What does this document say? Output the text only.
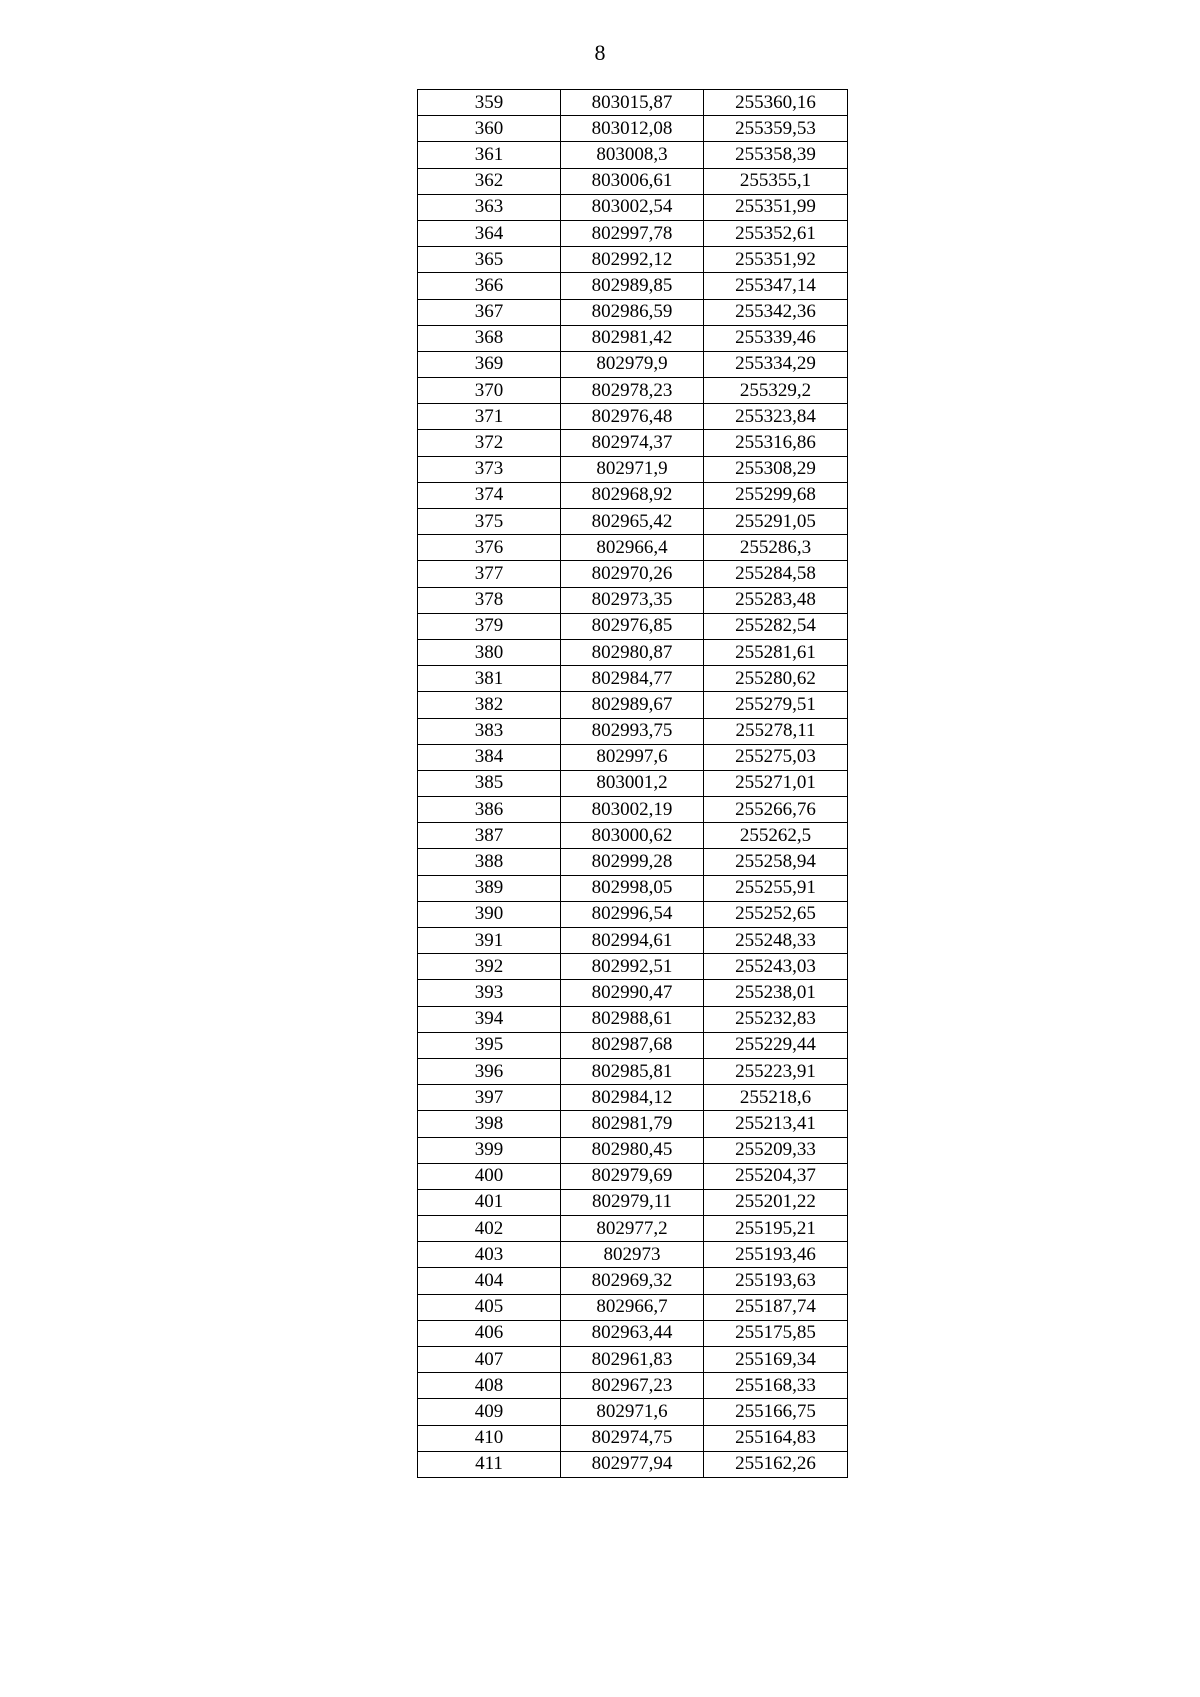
8
359	803015,87	255360,16
360	803012,08	255359,53
361	803008,3	255358,39
362	803006,61	255355,1
363	803002,54	255351,99
364	802997,78	255352,61
365	802992,12	255351,92
366	802989,85	255347,14
367	802986,59	255342,36
368	802981,42	255339,46
369	802979,9	255334,29
370	802978,23	255329,2
371	802976,48	255323,84
372	802974,37	255316,86
373	802971,9	255308,29
374	802968,92	255299,68
375	802965,42	255291,05
376	802966,4	255286,3
377	802970,26	255284,58
378	802973,35	255283,48
379	802976,85	255282,54
380	802980,87	255281,61
381	802984,77	255280,62
382	802989,67	255279,51
383	802993,75	255278,11
384	802997,6	255275,03
385	803001,2	255271,01
386	803002,19	255266,76
387	803000,62	255262,5
388	802999,28	255258,94
389	802998,05	255255,91
390	802996,54	255252,65
391	802994,61	255248,33
392	802992,51	255243,03
393	802990,47	255238,01
394	802988,61	255232,83
395	802987,68	255229,44
396	802985,81	255223,91
397	802984,12	255218,6
398	802981,79	255213,41
399	802980,45	255209,33
400	802979,69	255204,37
401	802979,11	255201,22
402	802977,2	255195,21
403	802973	255193,46
404	802969,32	255193,63
405	802966,7	255187,74
406	802963,44	255175,85
407	802961,83	255169,34
408	802967,23	255168,33
409	802971,6	255166,75
410	802974,75	255164,83
411	802977,94	255162,26
